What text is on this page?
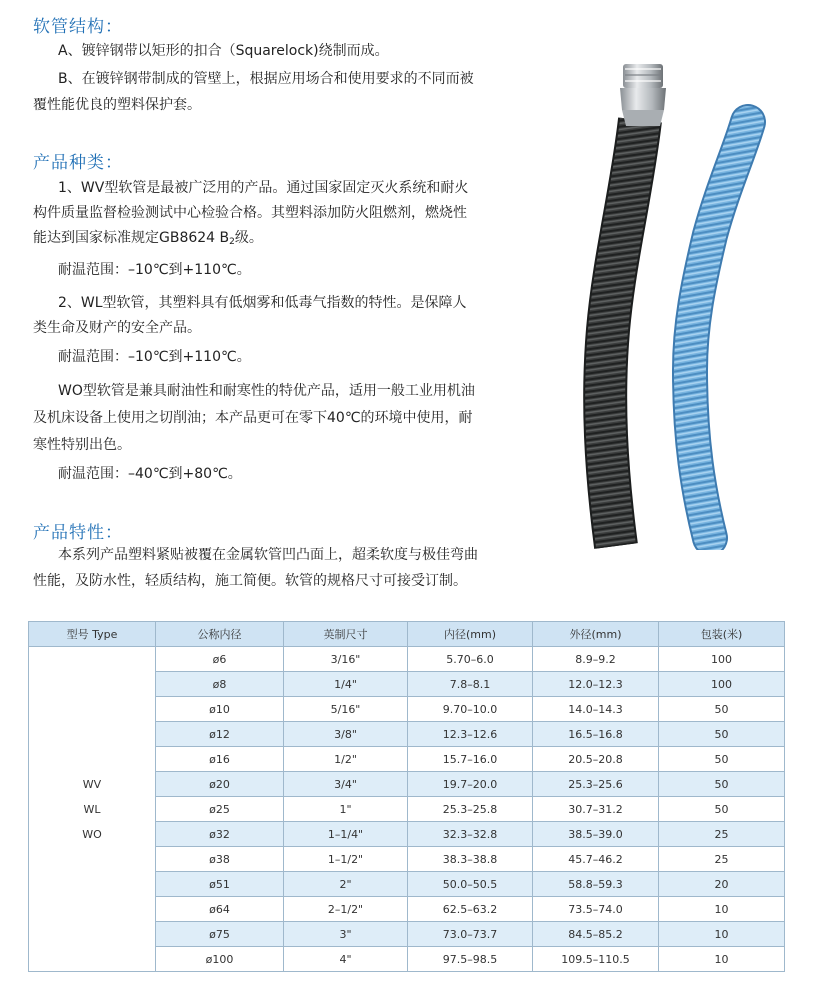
软管结构：
A、镀锌钢带以矩形的扣合（Squarelock)绕制而成。
B、在镀锌钢带制成的管壁上，根据应用场合和使用要求的不同而被
覆性能优良的塑料保护套。
产品种类：
1、WV型软管是最被广泛用的产品。通过国家固定灭火系统和耐火
构件质量监督检验测试中心检验合格。其塑料添加防火阻燃剂，燃烧性
能达到国家标准规定GB8624 B2级。
耐温范围：–10℃到+110℃。
2、WL型软管，其塑料具有低烟雾和低毒气指数的特性。是保障人
类生命及财产的安全产品。
耐温范围：–10℃到+110℃。
WO型软管是兼具耐油性和耐寒性的特优产品，适用一般工业用机油
及机床设备上使用之切削油；本产品更可在零下40℃的环境中使用，耐
寒性特别出色。
耐温范围：–40℃到+80℃。
产品特性：
本系列产品塑料紧贴被覆在金属软管凹凸面上，超柔软度与极佳弯曲
性能，及防水性，轻质结构，施工简便。软管的规格尺寸可接受订制。
型号 Type	公称内径	英制尺寸	内径(mm)	外径(mm)	包装(米)

WV
WL
WO	ø6	3/16"	5.70–6.0	8.9–9.2	100
	ø8	1/4"	7.8–8.1	12.0–12.3	100
	ø10	5/16"	9.70–10.0	14.0–14.3	50
	ø12	3/8"	12.3–12.6	16.5–16.8	50
	ø16	1/2"	15.7–16.0	20.5–20.8	50
	ø20	3/4"	19.7–20.0	25.3–25.6	50
	ø25	1"	25.3–25.8	30.7–31.2	50
	ø32	1–1/4"	32.3–32.8	38.5–39.0	25
	ø38	1–1/2"	38.3–38.8	45.7–46.2	25
	ø51	2"	50.0–50.5	58.8–59.3	20
	ø64	2–1/2"	62.5–63.2	73.5–74.0	10
	ø75	3"	73.0–73.7	84.5–85.2	10
	ø100	4"	97.5–98.5	109.5–110.5	10
